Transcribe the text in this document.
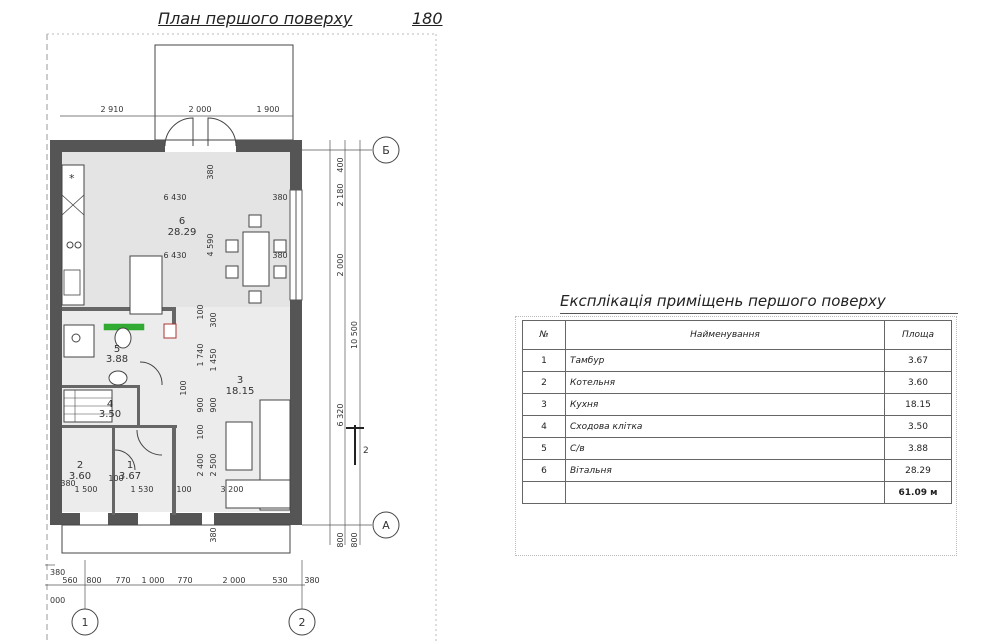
План першого поверху	180
*
Б
А
1	2
2
2 910	2 000	1 900
560 800 770 1 000 770	2 000	530 380
380
000
400
2 180
2 000
10 500
6 320
800 800
6 430	380
6 430	380
4 590
380
1 740 1 450
900 900
100
100
2 400 2 500
300
100
1 500	1 530	100	3 200
380
100
380
6
28.29
5
3.88
3
18.15
4
3.50
2
3.60
1
3.67
Експлікація приміщень першого поверху
№	Найменування	Площа
1	Тамбур	3.67
2	Котельня	3.60
3	Кухня	18.15
4	Сходова клітка	3.50
5	С/в	3.88
6	Вітальня	28.29
		61.09 м
